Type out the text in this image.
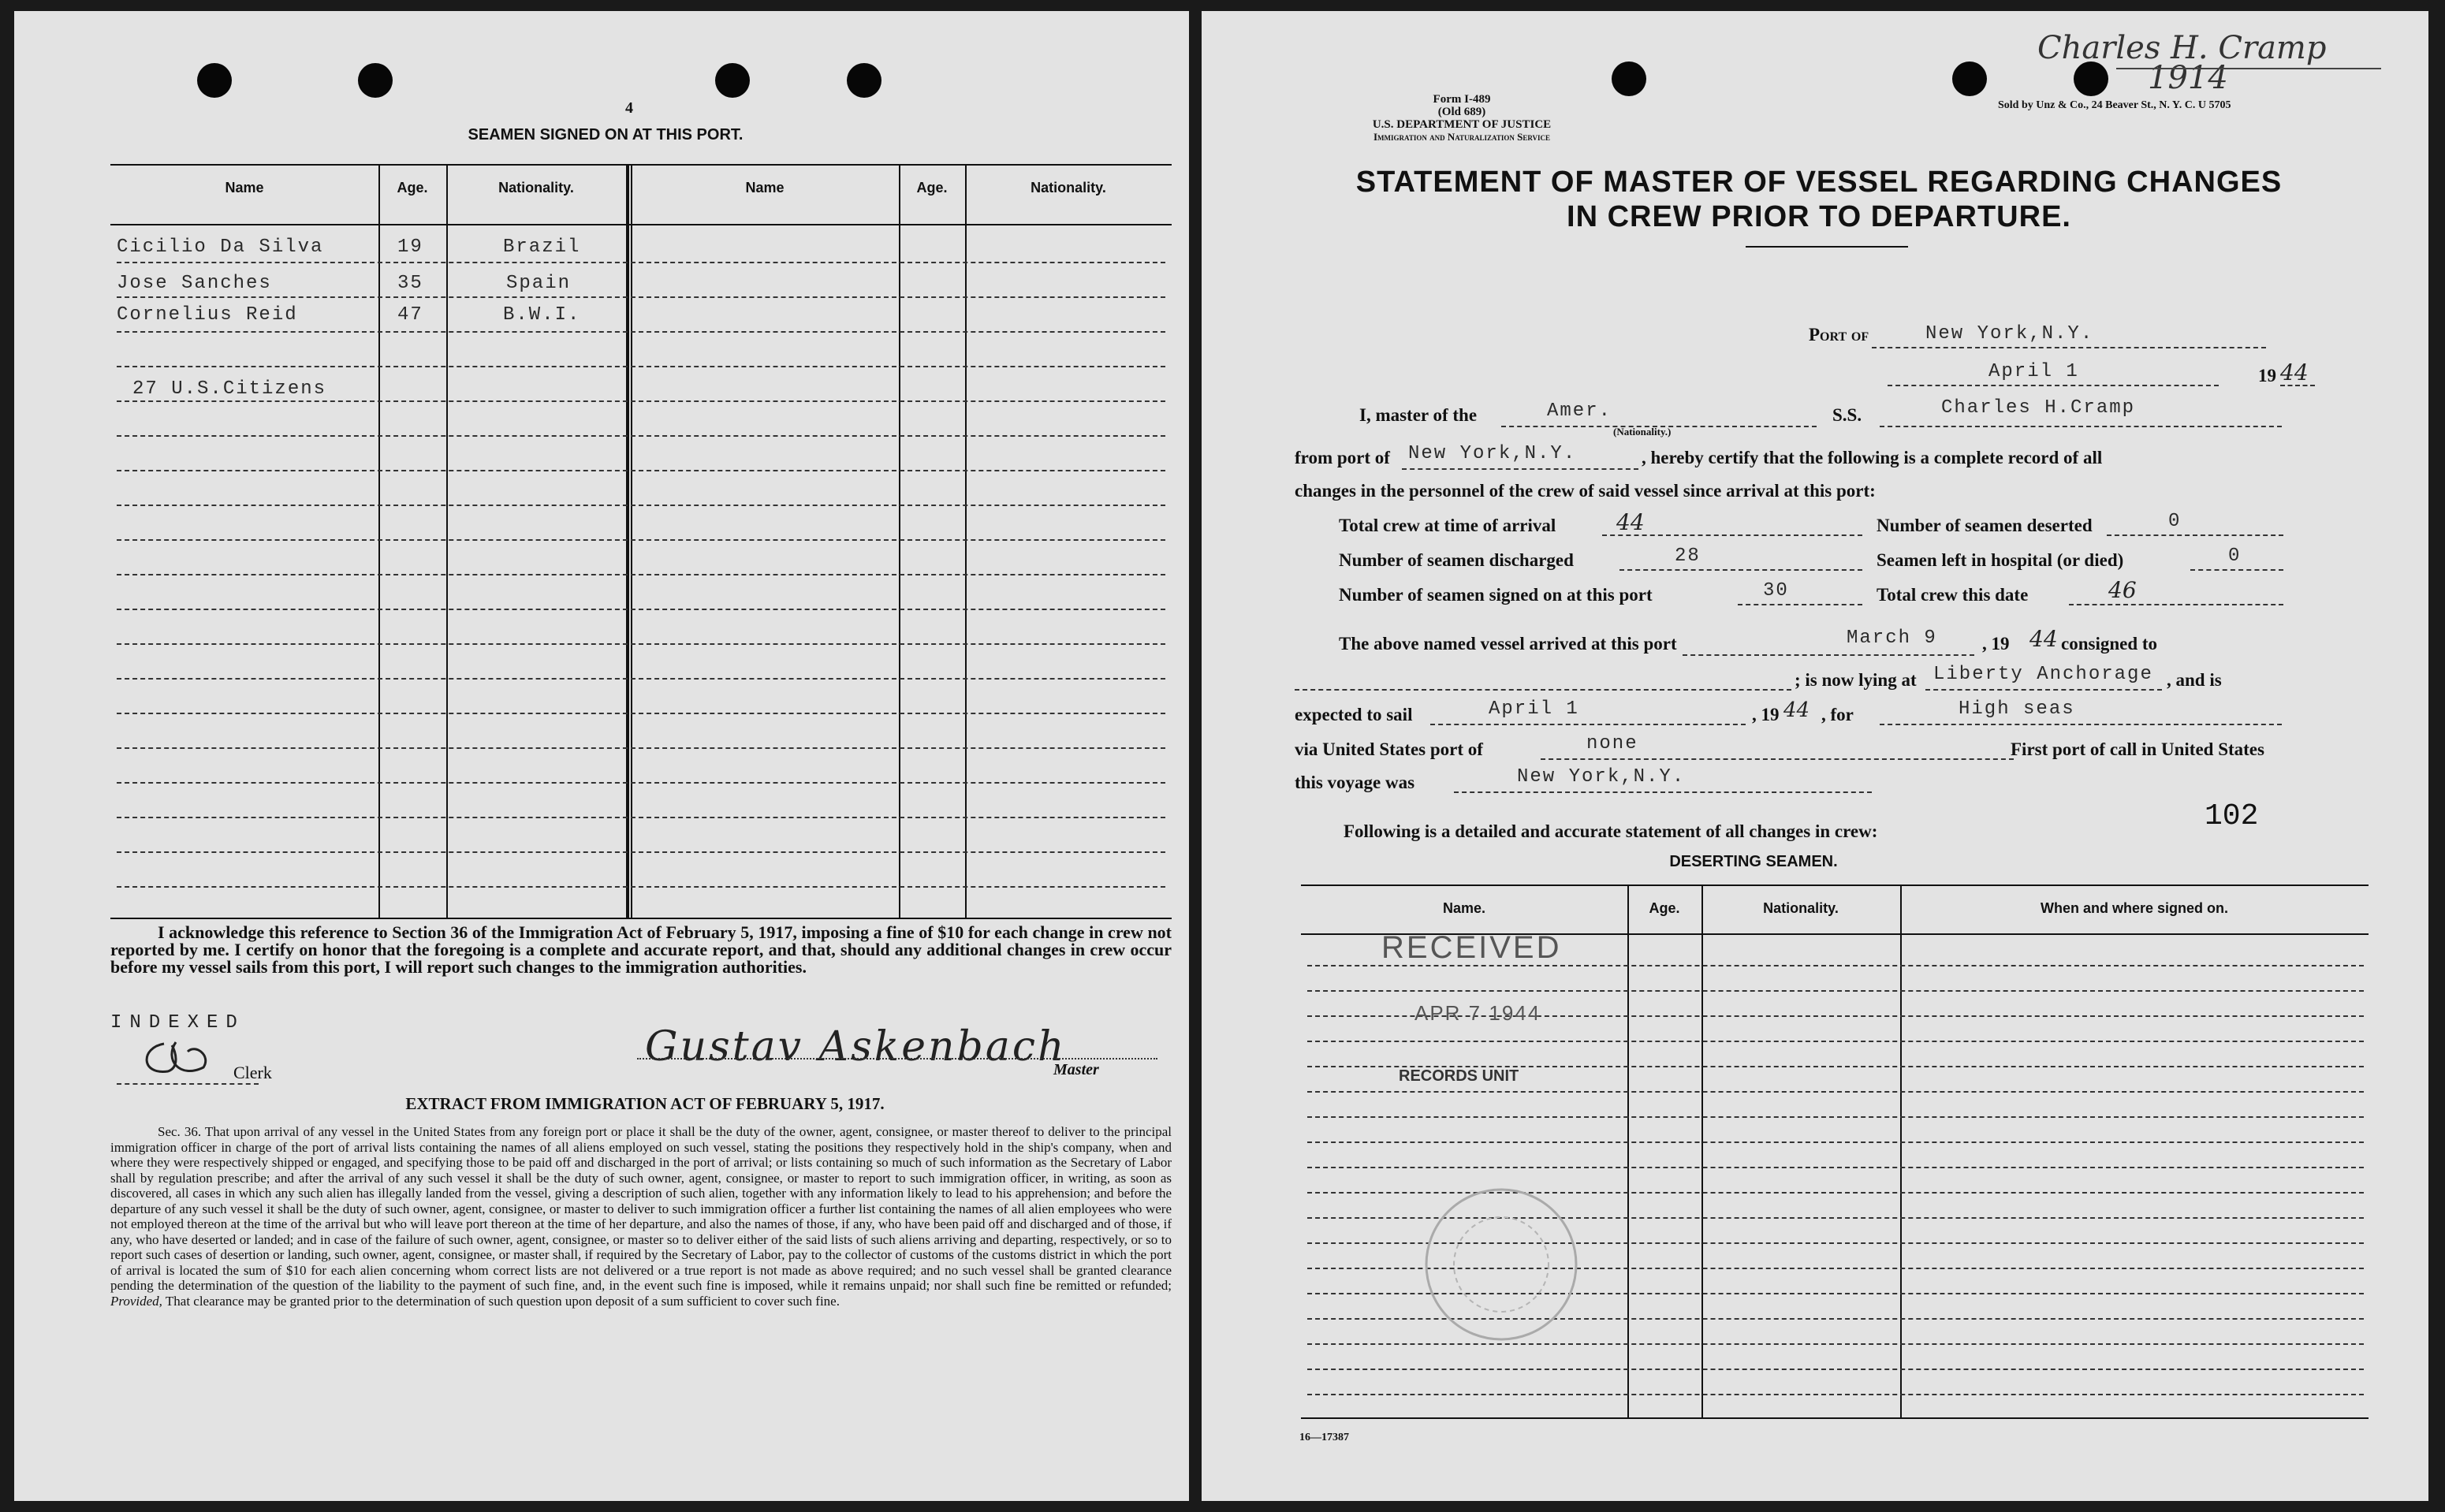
4
SEAMEN SIGNED ON AT THIS PORT.
Name	Age.	Nationality.	Name	Age.	Nationality.
Cicilio Da Silva	19	Brazil
Jose Sanches	35	Spain
Cornelius Reid	47	B.W.I.
27 U.S.Citizens
I acknowledge this reference to Section 36 of the Immigration Act of February 5, 1917, imposing a fine of $10 for each change in crew not reported by me. I certify on honor that the foregoing is a complete and accurate report, and that, should any additional changes in crew occur before my vessel sails from this port, I will report such changes to the immigration authorities.
INDEXED
Clerk
Gustav Askenbach
Master
EXTRACT FROM IMMIGRATION ACT OF FEBRUARY 5, 1917.
Sec. 36. That upon arrival of any vessel in the United States from any foreign port or place it shall be the duty of the owner, agent, consignee, or master thereof to deliver to the principal immigration officer in charge of the port of arrival lists containing the names of all aliens employed on such vessel, stating the positions they respectively hold in the ship's company, when and where they were respectively shipped or engaged, and specifying those to be paid off and discharged in the port of arrival; or lists containing so much of such information as the Secretary of Labor shall by regulation prescribe; and after the arrival of any such vessel it shall be the duty of such owner, agent, consignee, or master to report to such immigration officer, in writing, as soon as discovered, all cases in which any such alien has illegally landed from the vessel, giving a description of such alien, together with any information likely to lead to his apprehension; and before the departure of any such vessel it shall be the duty of such owner, agent, consignee, or master to deliver to such immigration officer a further list containing the names of all alien employees who were not employed thereon at the time of the arrival but who will leave port thereon at the time of her departure, and also the names of those, if any, who have been paid off and discharged and of those, if any, who have deserted or landed; and in case of the failure of such owner, agent, consignee, or master so to deliver either of the said lists of such aliens arriving and departing, respectively, or so to report such cases of desertion or landing, such owner, agent, consignee, or master shall, if required by the Secretary of Labor, pay to the collector of customs of the customs district in which the port of arrival is located the sum of $10 for each alien concerning whom correct lists are not delivered or a true report is not made as above required; and no such vessel shall be granted clearance pending the determination of the question of the liability to the payment of such fine, and, in the event such fine is imposed, while it remains unpaid; nor shall such fine be remitted or refunded; Provided, That clearance may be granted prior to the determination of such question upon deposit of a sum sufficient to cover such fine.
Charles H. Cramp
1914
Form I-489
(Old 689)
U.S. DEPARTMENT OF JUSTICE
Immigration and Naturalization Service
Sold by Unz & Co., 24 Beaver St., N. Y. C. U 5705
STATEMENT OF MASTER OF VESSEL REGARDING CHANGES
IN CREW PRIOR TO DEPARTURE.
Port of	New York,N.Y.
April 1	19 44
I, master of the	Amer.
(Nationality.)
S.S.	Charles H.Cramp
from port of New York,N.Y.	, hereby certify that the following is a complete record of all
changes in the personnel of the crew of said vessel since arrival at this port:
Total crew at time of arrival	44	Number of seamen deserted	0
Number of seamen discharged	28	Seamen left in hospital (or died)	0
Number of seamen signed on at this port	30	Total crew this date	46
The above named vessel arrived at this port	March 9 , 19 44 consigned to
; is now lying at Liberty Anchorage , and is
expected to sail	April 1	, 19 44 , for	High seas
via United States port of	none	First port of call in United States
this voyage was	New York,N.Y.
Following is a detailed and accurate statement of all changes in crew:	102
DESERTING SEAMEN.
Name.	Age.	Nationality.	When and where signed on.
RECEIVED
APR 7 1944
RECORDS UNIT
16—17387
